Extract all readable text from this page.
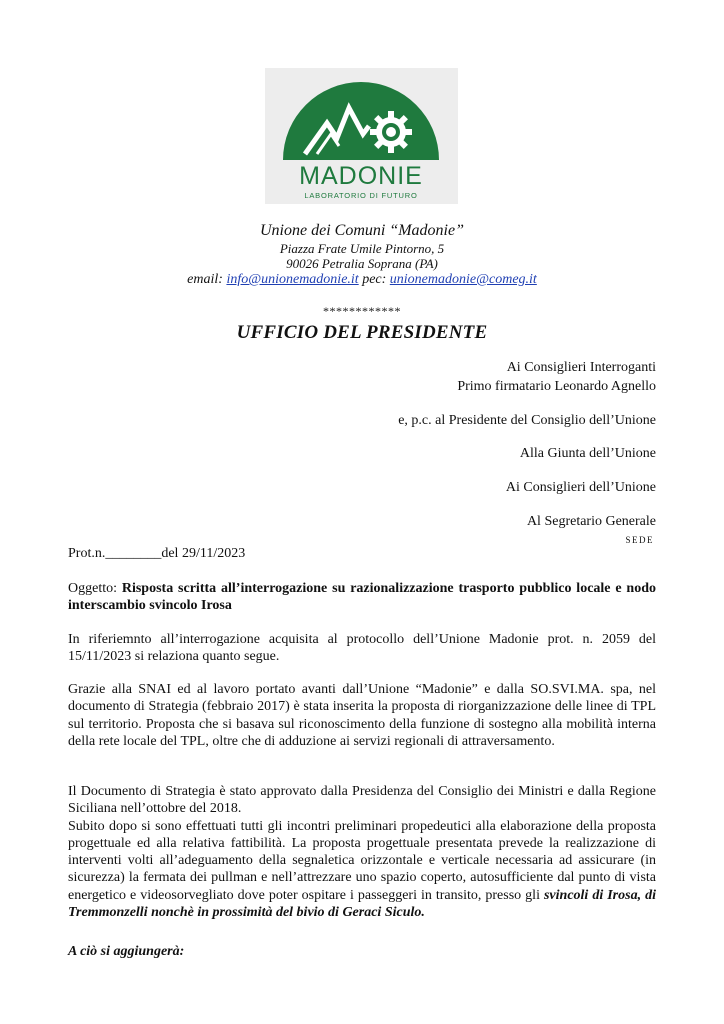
MADONIE
LABORATORIO DI FUTURO
Unione dei Comuni “Madonie”
Piazza Frate Umile Pintorno, 5
90026 Petralia Soprana (PA)
email: info@unionemadonie.it pec: unionemadonie@comeg.it
************
UFFICIO DEL PRESIDENTE
Ai Consiglieri Interroganti
Primo firmatario Leonardo Agnello
e, p.c. al Presidente del Consiglio dell’Unione
Alla Giunta dell’Unione
Ai Consiglieri dell’Unione
Al Segretario Generale
SEDE
Prot.n.________del 29/11/2023
Oggetto: Risposta scritta all’interrogazione su razionalizzazione trasporto pubblico locale e nodo interscambio svincolo Irosa
In riferiemnto all’interrogazione acquisita al protocollo dell’Unione Madonie prot. n. 2059 del 15/11/2023 si relaziona quanto segue.
Grazie alla SNAI ed al lavoro portato avanti dall’Unione “Madonie” e dalla SO.SVI.MA. spa, nel documento di Strategia (febbraio 2017) è stata inserita la proposta di riorganizzazione delle linee di TPL sul territorio. Proposta che si basava sul riconoscimento della funzione di sostegno alla mobilità interna della rete locale del TPL, oltre che di adduzione ai servizi regionali di attraversamento.
Il Documento di Strategia è stato approvato dalla Presidenza del Consiglio dei Ministri e dalla Regione Siciliana nell’ottobre del 2018.
Subito dopo si sono effettuati tutti gli incontri preliminari propedeutici alla elaborazione della proposta progettuale ed alla relativa fattibilità. La proposta progettuale presentata prevede la realizzazione di interventi volti all’adeguamento della segnaletica orizzontale e verticale necessaria ad assicurare (in sicurezza) la fermata dei pullman e nell’attrezzare uno spazio coperto, autosufficiente dal punto di vista energetico e videosorvegliato dove poter ospitare i passeggeri in transito, presso gli svincoli di Irosa, di Tremmonzelli nonchè in prossimità del bivio di Geraci Siculo.
A ciò si aggiungerà:
